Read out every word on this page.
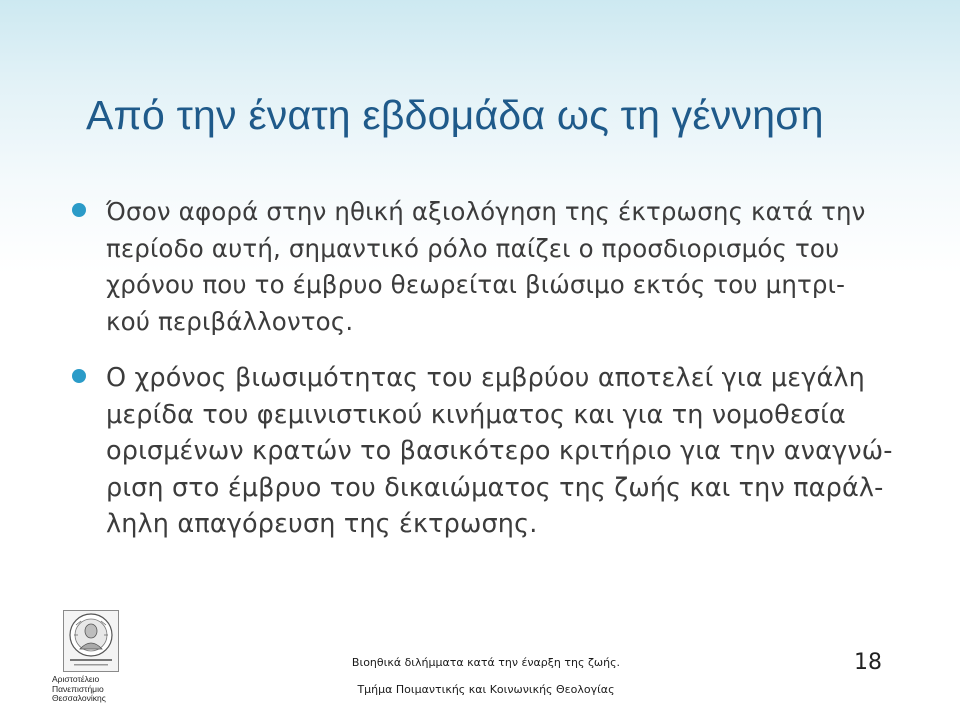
Από την ένατη εβδομάδα ως τη γέννηση
Όσον αφορά στην ηθική αξιολόγηση της έκτρωσης κατά την
περίοδο αυτή, σημαντικό ρόλο παίζει ο προσδιορισμός του
χρόνου που το έμβρυο θεωρείται βιώσιμο εκτός του μητρι-
κού περιβάλλοντος.
Ο χρόνος βιωσιμότητας του εμβρύου αποτελεί για μεγάλη
μερίδα του φεμινιστικού κινήματος και για τη νομοθεσία
ορισμένων κρατών το βασικότερο κριτήριο για την αναγνώ-
ριση στο έμβρυο του δικαιώματος της ζωής και την παράλ-
ληλη απαγόρευση της έκτρωσης.
Αριστοτέλειο
Πανεπιστήμιο
Θεσσαλονίκης
Βιοηθικά διλήμματα κατά την έναρξη της ζωής.
Τμήμα Ποιμαντικής και Κοινωνικής Θεολογίας
18
